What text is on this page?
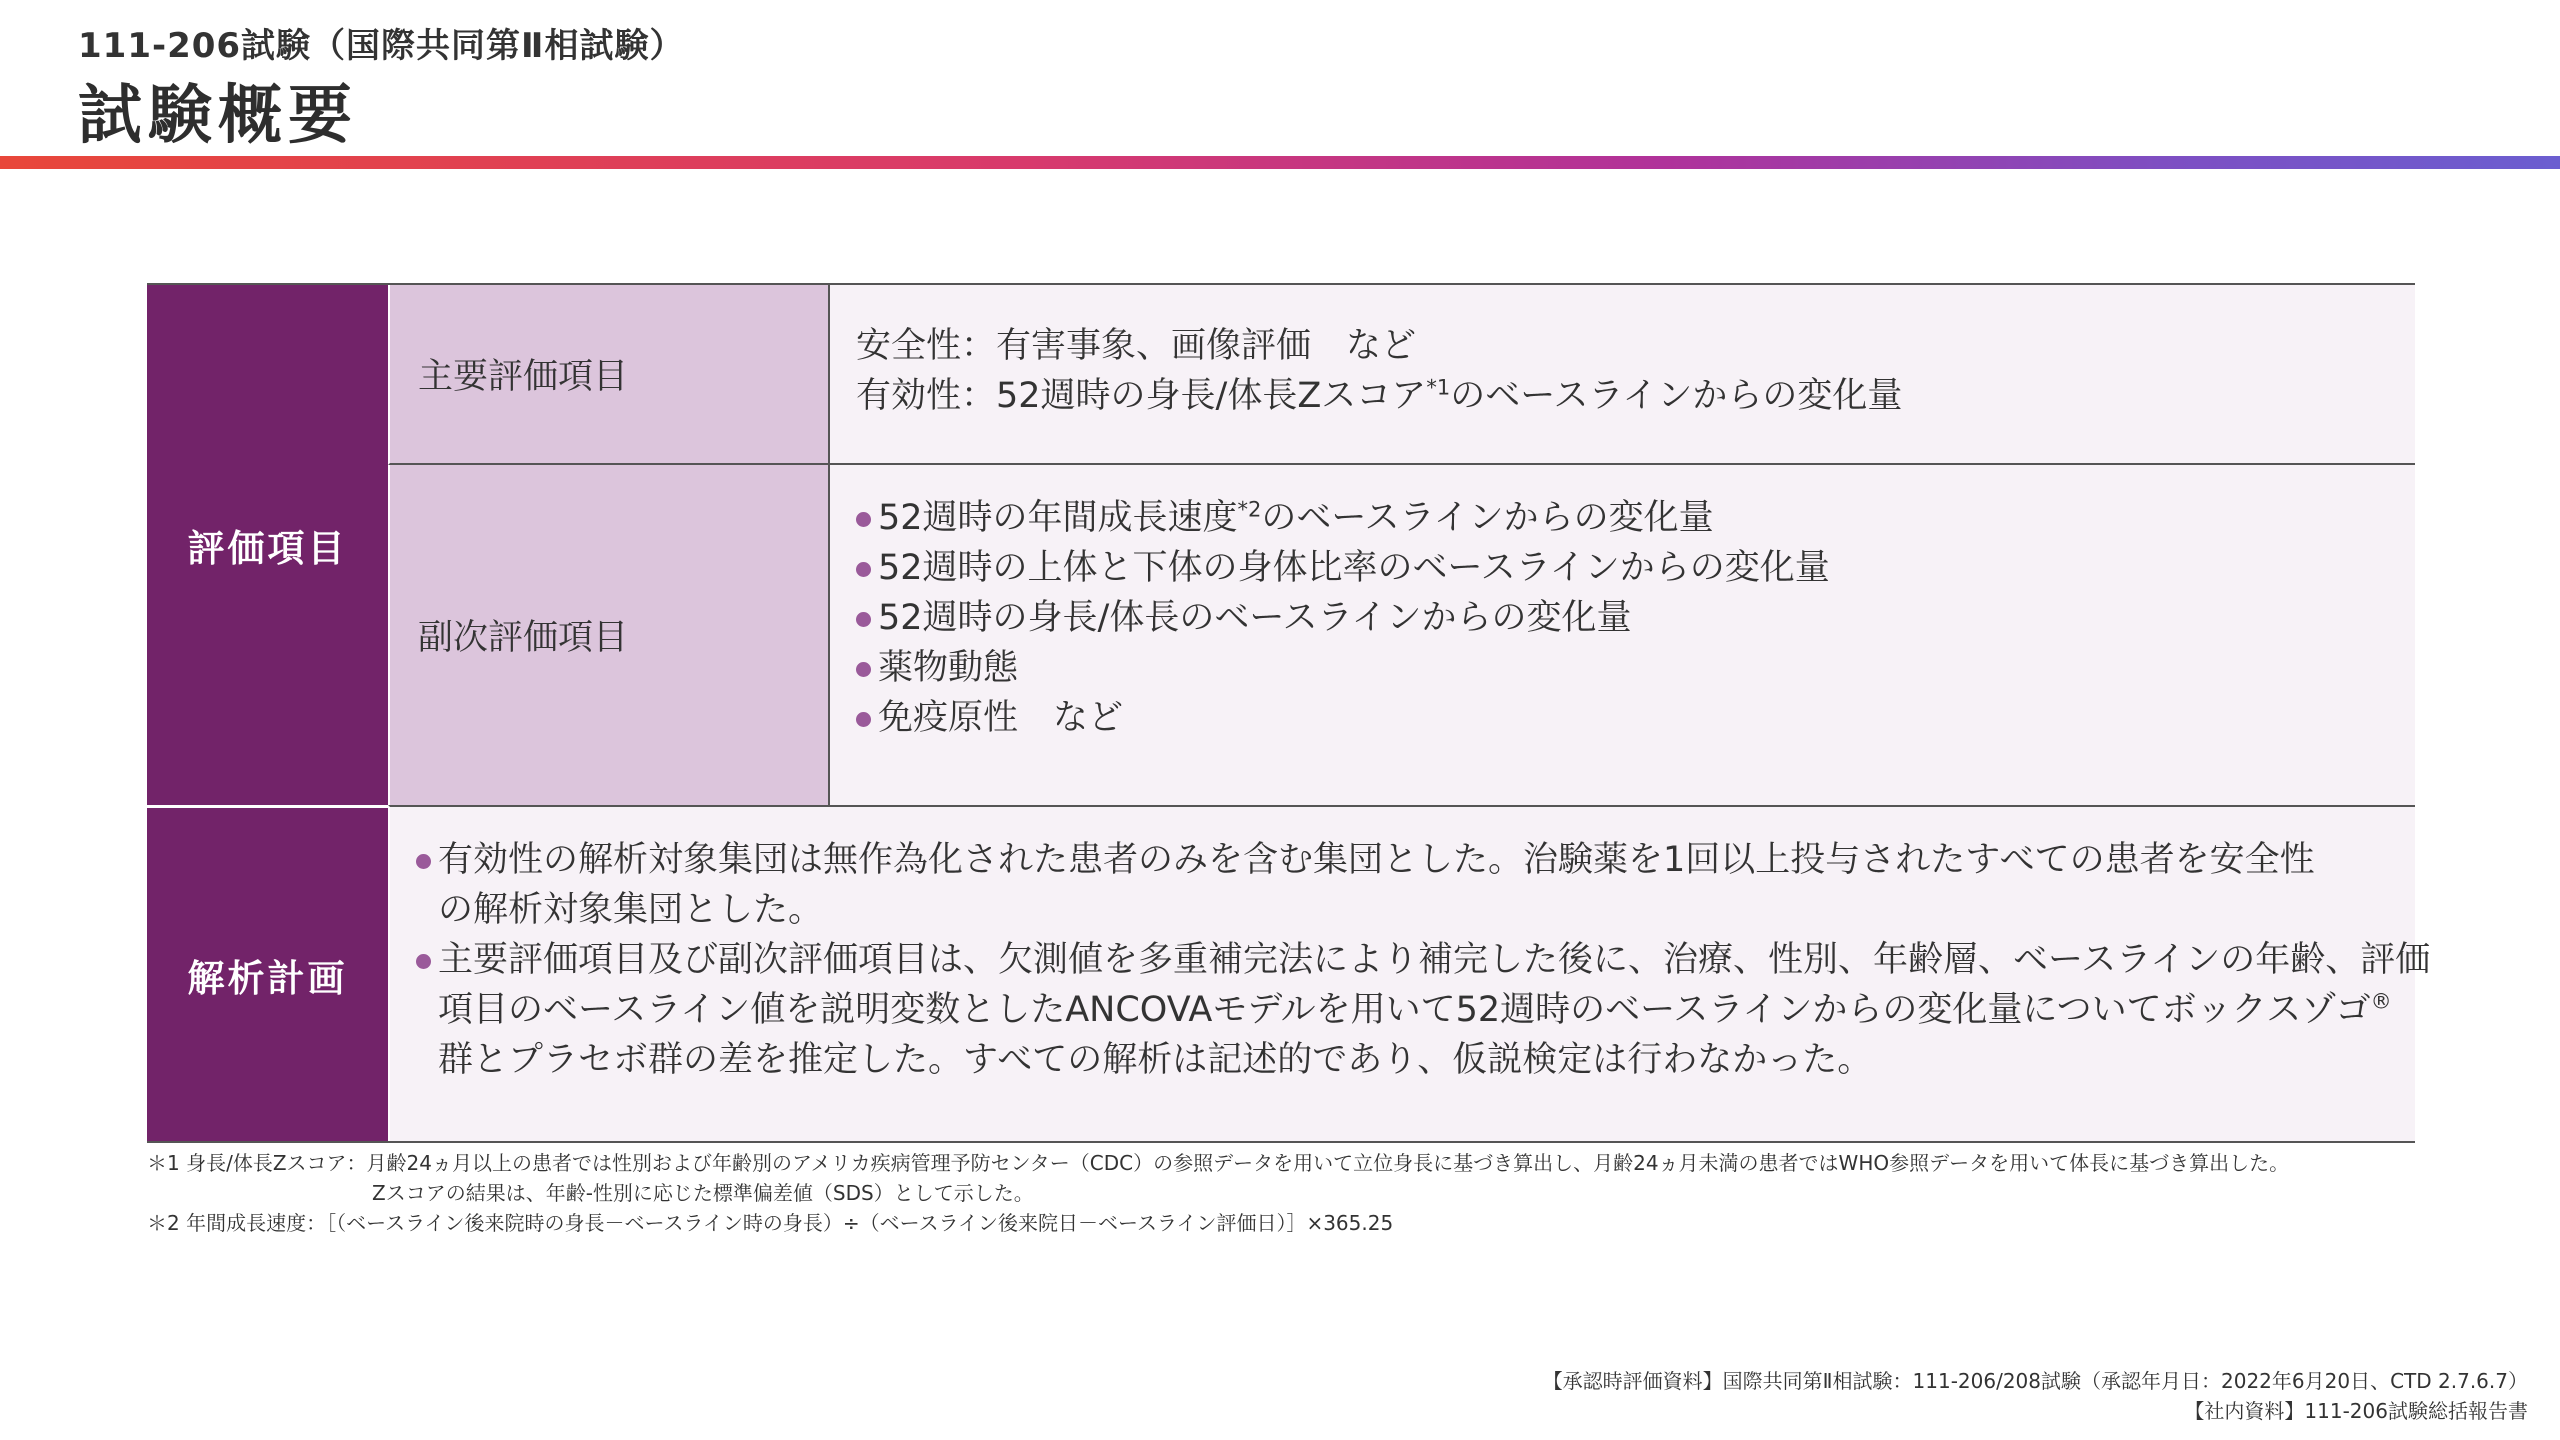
111-206試験（国際共同第Ⅱ相試験）
試験概要
評価項目
主要評価項目
安全性：有害事象、画像評価　など
有効性：52週時の身長/体長Zスコア$^{*1}$のベースラインからの変化量
副次評価項目
52週時の年間成長速度$^{*2}$のベースラインからの変化量
52週時の上体と下体の身体比率のベースラインからの変化量
52週時の身長/体長のベースラインからの変化量
薬物動態
免疫原性　など
解析計画
有効性の解析対象集団は無作為化された患者のみを含む集団とした。治験薬を1回以上投与されたすべての患者を安全性
の解析対象集団とした。
主要評価項目及び副次評価項目は、欠測値を多重補完法により補完した後に、治療、性別、年齢層、ベースラインの年齢、評価
項目のベースライン値を説明変数としたANCOVAモデルを用いて52週時のベースラインからの変化量についてボックスゾゴ®
群とプラセボ群の差を推定した。すべての解析は記述的であり、仮説検定は行わなかった。
＊1 身長/体長Zスコア：月齢24ヵ月以上の患者では性別および年齢別のアメリカ疾病管理予防センター（CDC）の参照データを用いて立位身長に基づき算出し、月齢24ヵ月未満の患者ではWHO参照データを用いて体長に基づき算出した。
Zスコアの結果は、年齢-性別に応じた標準偏差値（SDS）として示した。
＊2 年間成長速度：［（ベースライン後来院時の身長－ベースライン時の身長）÷（ベースライン後来院日－ベースライン評価日）］×365.25
【承認時評価資料】国際共同第Ⅱ相試験：111-206/208試験（承認年月日：2022年6月20日、CTD 2.7.6.7）
【社内資料】111-206試験総括報告書
